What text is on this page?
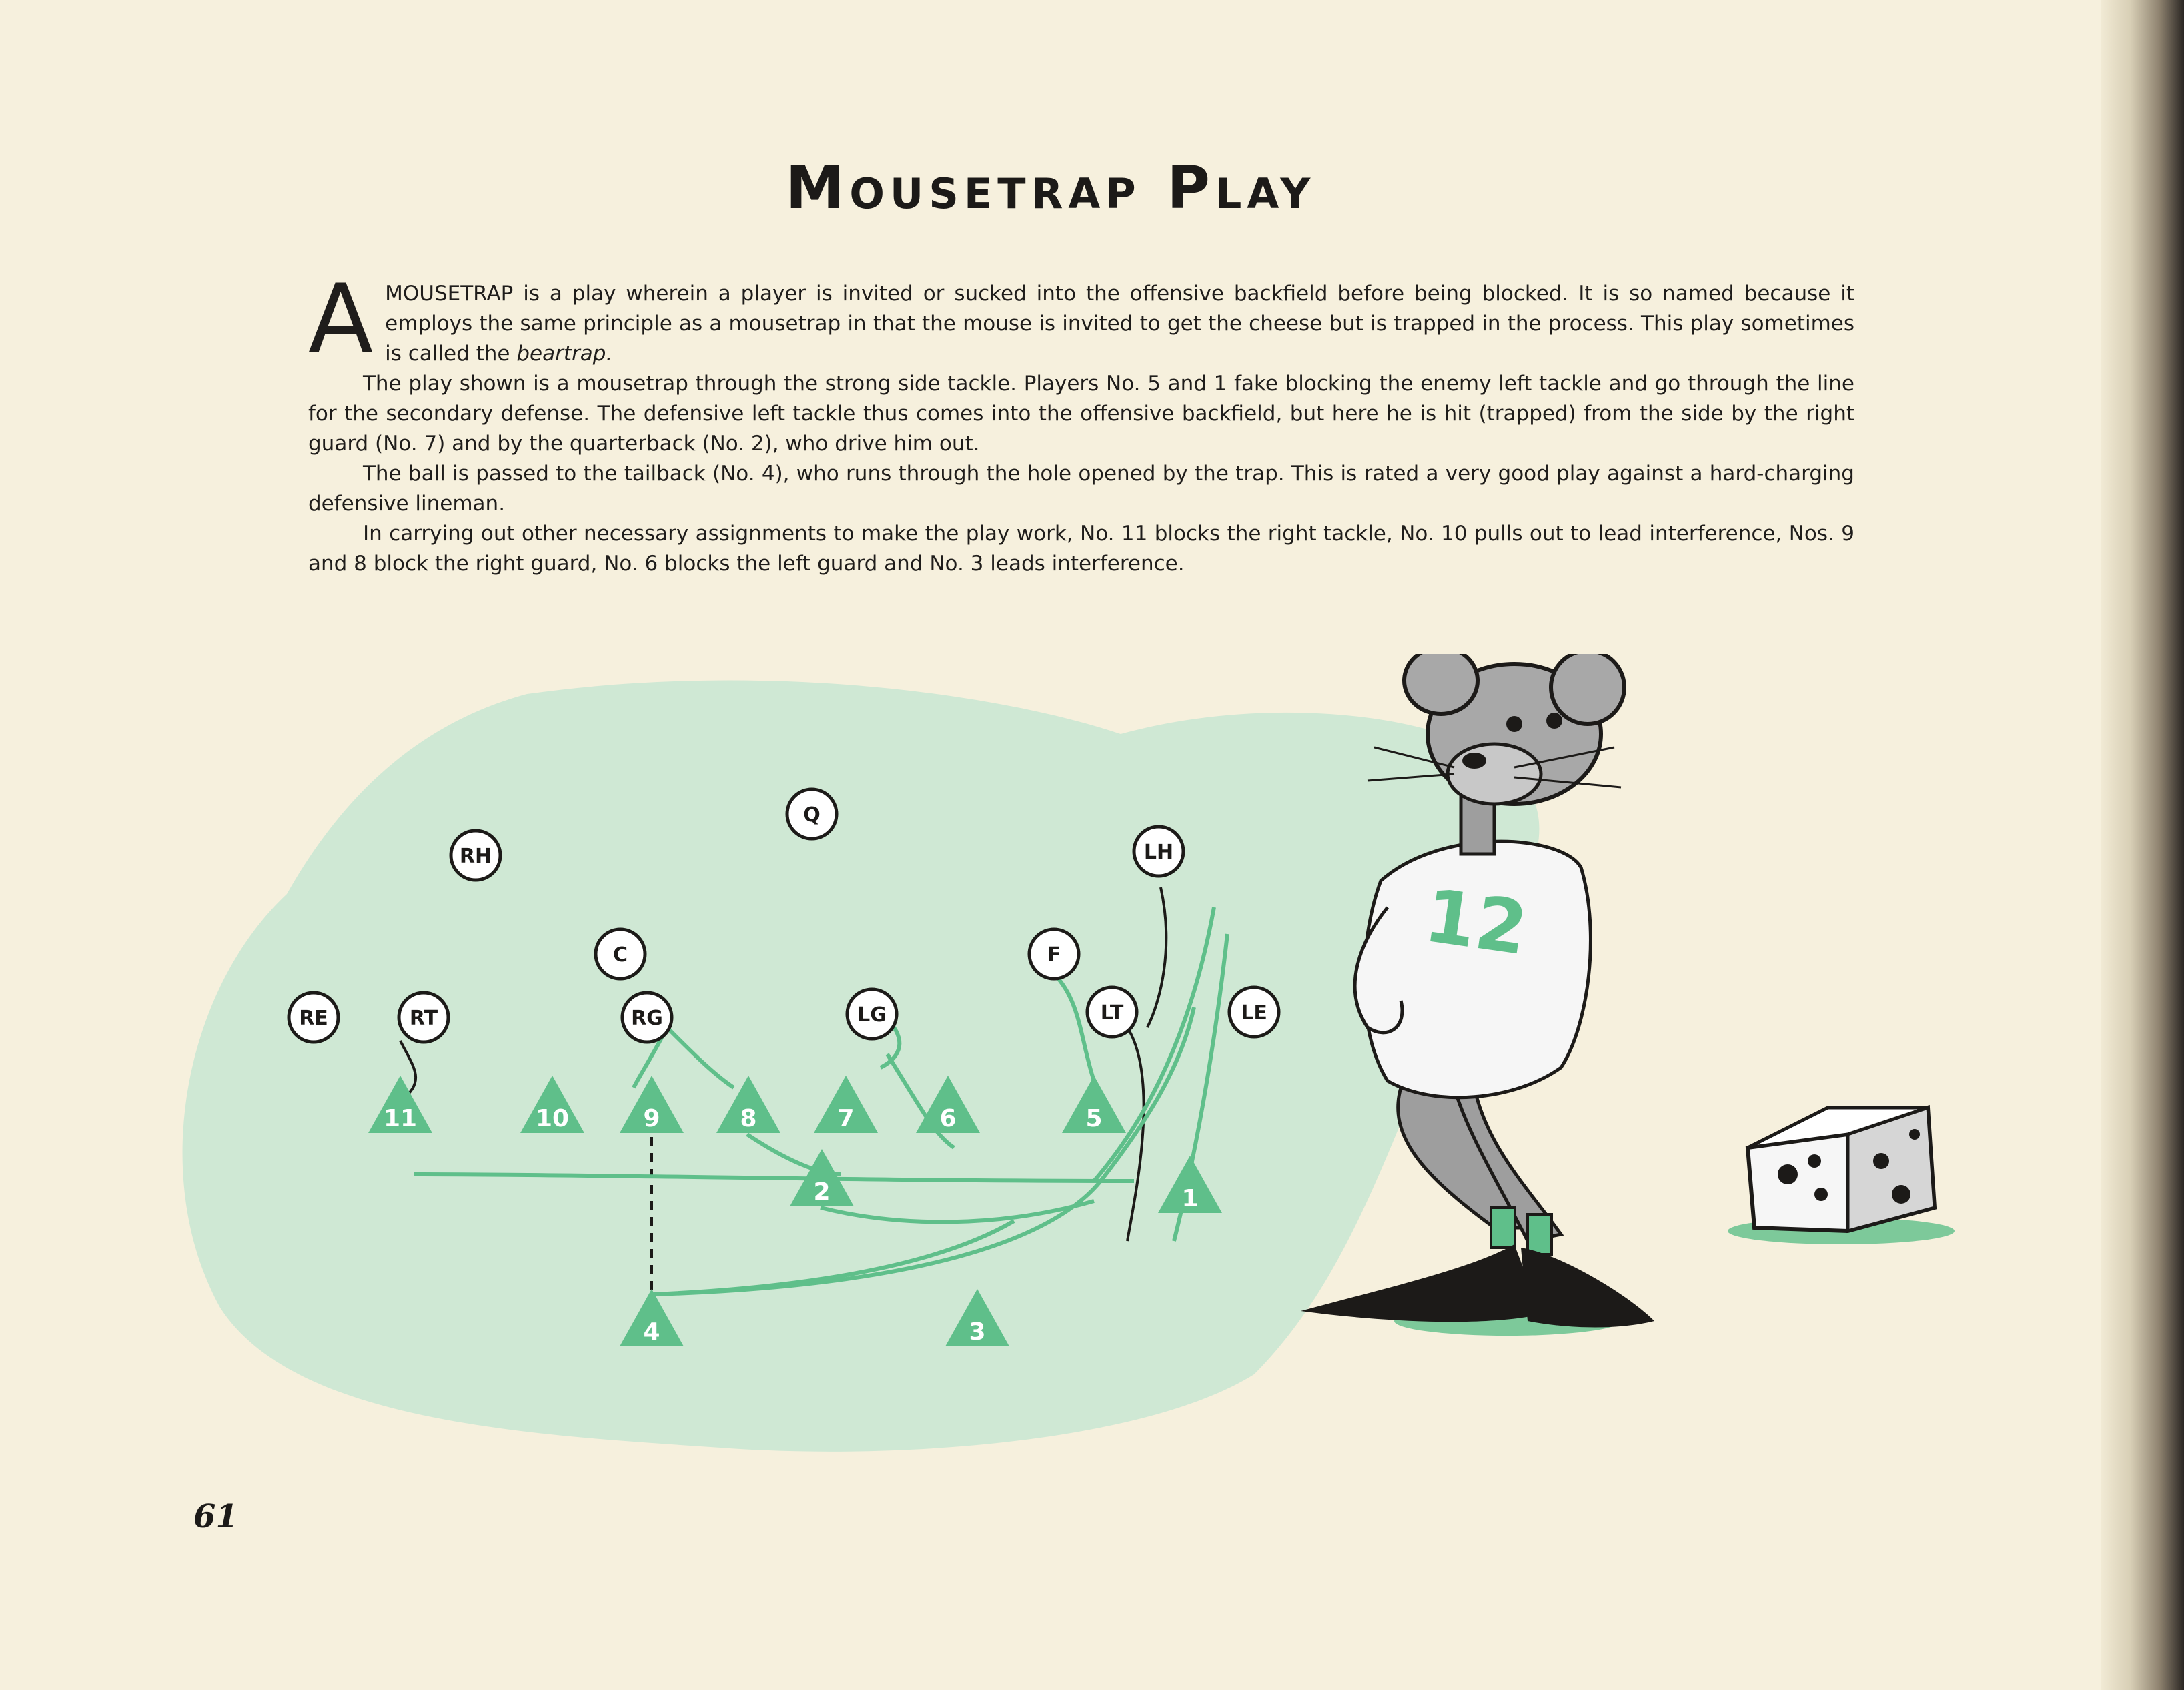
Mousetrap Play

AMOUSETRAP is a play wherein a player is invited or sucked into the offensive backfield before being blocked. It is so named because it employs the same principle as a mousetrap in that the mouse is invited to get the cheese but is trapped in the process. This play sometimes is called the beartrap.

The play shown is a mousetrap through the strong side tackle. Players No. 5 and 1 fake blocking the enemy left tackle and go through the line for the secondary defense. The defensive left tackle thus comes into the offensive backfield, but here he is hit (trapped) from the side by the right guard (No. 7) and by the quarterback (No. 2), who drive him out.

The ball is passed to the tailback (No. 4), who runs through the hole opened by the trap. This is rated a very good play against a hard-charging defensive lineman.

In carrying out other necessary assignments to make the play work, No. 11 blocks the right tackle, No. 10 pulls out to lead interference, Nos. 9 and 8 block the right guard, No. 6 blocks the left guard and No. 3 leads interference.

Q
RH	LH
C	F
RE	RT	RG	LG	LT	LE
11	10	9	8	7	6	5
2	1
4	3
12
61
